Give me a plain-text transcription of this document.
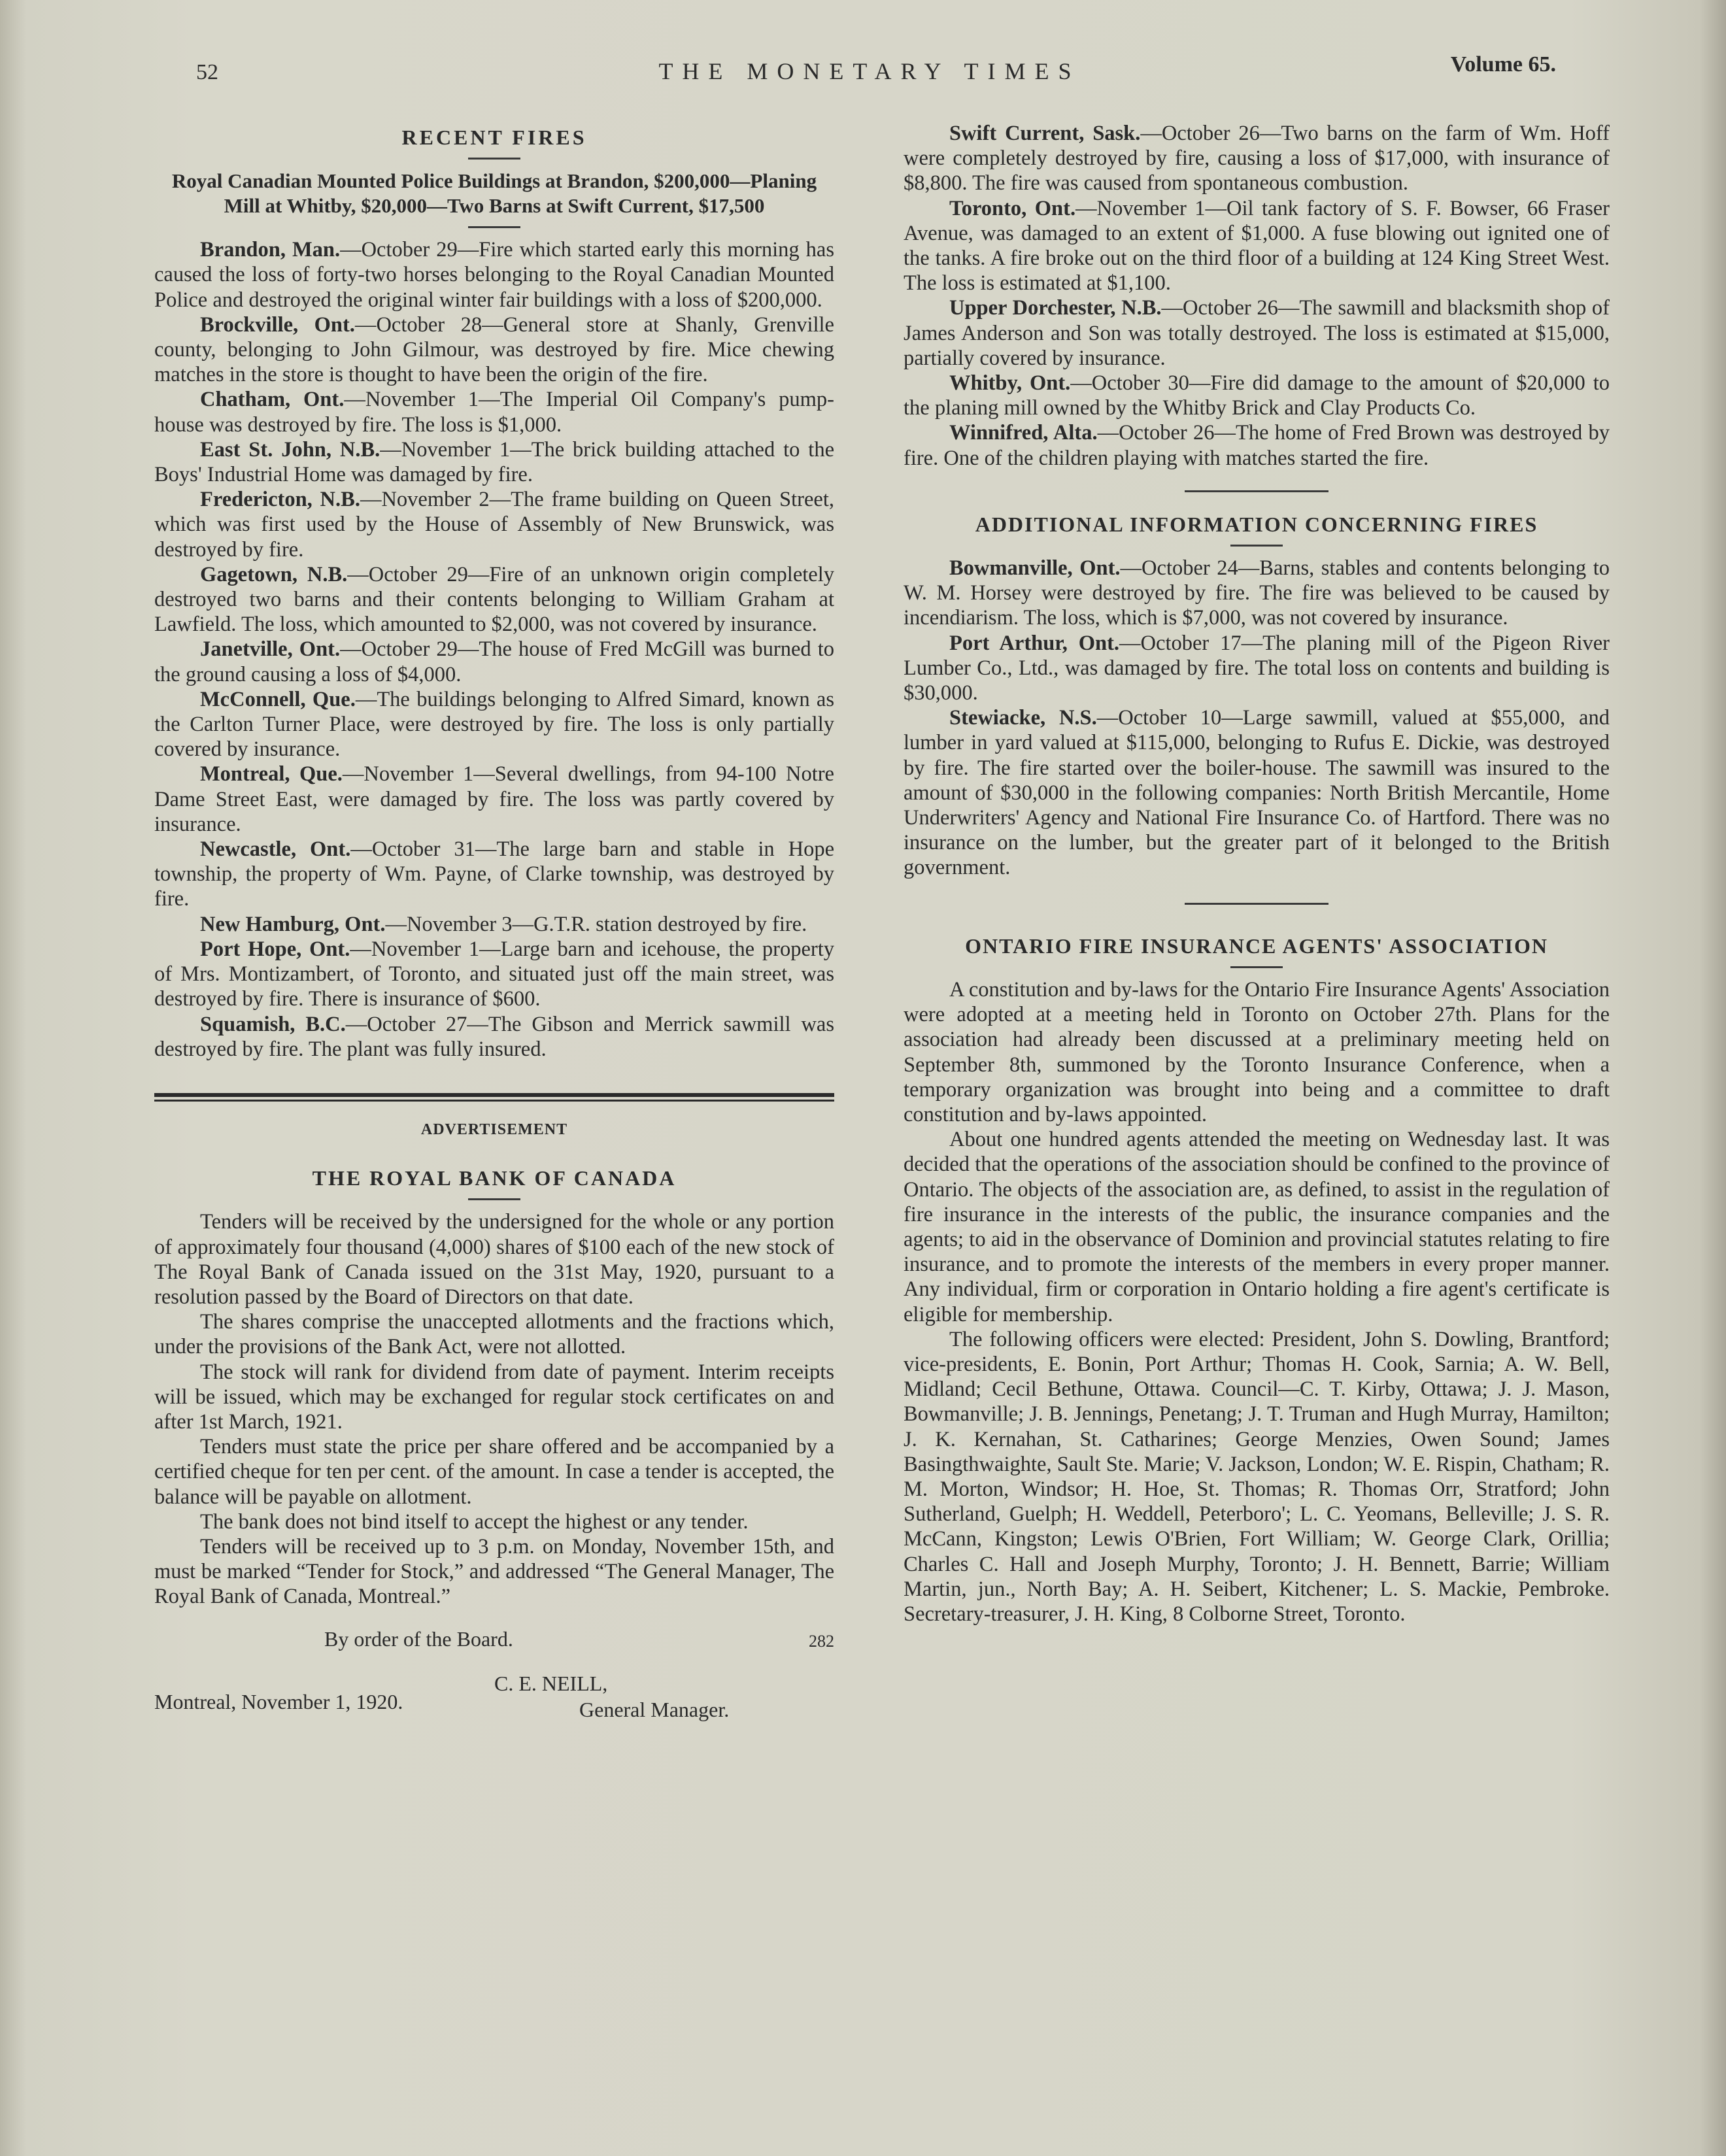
52	THE MONETARY TIMES	Volume 65.
RECENT FIRES
Royal Canadian Mounted Police Buildings at Brandon, $200,000—Planing Mill at Whitby, $20,000—Two Barns at Swift Current, $17,500

Brandon, Man.—October 29—Fire which started early this morning has caused the loss of forty-two horses belonging to the Royal Canadian Mounted Police and destroyed the original winter fair buildings with a loss of $200,000.

Brockville, Ont.—October 28—General store at Shanly, Grenville county, belonging to John Gilmour, was destroyed by fire. Mice chewing matches in the store is thought to have been the origin of the fire.

Chatham, Ont.—November 1—The Imperial Oil Company's pump-house was destroyed by fire. The loss is $1,000.

East St. John, N.B.—November 1—The brick building attached to the Boys' Industrial Home was damaged by fire.

Fredericton, N.B.—November 2—The frame building on Queen Street, which was first used by the House of Assembly of New Brunswick, was destroyed by fire.

Gagetown, N.B.—October 29—Fire of an unknown origin completely destroyed two barns and their contents belonging to William Graham at Lawfield. The loss, which amounted to $2,000, was not covered by insurance.

Janetville, Ont.—October 29—The house of Fred McGill was burned to the ground causing a loss of $4,000.

McConnell, Que.—The buildings belonging to Alfred Simard, known as the Carlton Turner Place, were destroyed by fire. The loss is only partially covered by insurance.

Montreal, Que.—November 1—Several dwellings, from 94-100 Notre Dame Street East, were damaged by fire. The loss was partly covered by insurance.

Newcastle, Ont.—October 31—The large barn and stable in Hope township, the property of Wm. Payne, of Clarke township, was destroyed by fire.

New Hamburg, Ont.—November 3—G.T.R. station destroyed by fire.

Port Hope, Ont.—November 1—Large barn and icehouse, the property of Mrs. Montizambert, of Toronto, and situated just off the main street, was destroyed by fire. There is insurance of $600.

Squamish, B.C.—October 27—The Gibson and Merrick sawmill was destroyed by fire. The plant was fully insured.

ADVERTISEMENT
THE ROYAL BANK OF CANADA

Tenders will be received by the undersigned for the whole or any portion of approximately four thousand (4,000) shares of $100 each of the new stock of The Royal Bank of Canada issued on the 31st May, 1920, pursuant to a resolution passed by the Board of Directors on that date.

The shares comprise the unaccepted allotments and the fractions which, under the provisions of the Bank Act, were not allotted.

The stock will rank for dividend from date of payment. Interim receipts will be issued, which may be exchanged for regular stock certificates on and after 1st March, 1921.

Tenders must state the price per share offered and be accompanied by a certified cheque for ten per cent. of the amount. In case a tender is accepted, the balance will be payable on allotment.

The bank does not bind itself to accept the highest or any tender.

Tenders will be received up to 3 p.m. on Monday, November 15th, and must be marked “Tender for Stock,” and addressed “The General Manager, The Royal Bank of Canada, Montreal.”

By order of the Board.	282
Montreal, November 1, 1920.
C. E. NEILL,
General Manager.

Swift Current, Sask.—October 26—Two barns on the farm of Wm. Hoff were completely destroyed by fire, causing a loss of $17,000, with insurance of $8,800. The fire was caused from spontaneous combustion.

Toronto, Ont.—November 1—Oil tank factory of S. F. Bowser, 66 Fraser Avenue, was damaged to an extent of $1,000. A fuse blowing out ignited one of the tanks. A fire broke out on the third floor of a building at 124 King Street West. The loss is estimated at $1,100.

Upper Dorchester, N.B.—October 26—The sawmill and blacksmith shop of James Anderson and Son was totally destroyed. The loss is estimated at $15,000, partially covered by insurance.

Whitby, Ont.—October 30—Fire did damage to the amount of $20,000 to the planing mill owned by the Whitby Brick and Clay Products Co.

Winnifred, Alta.—October 26—The home of Fred Brown was destroyed by fire. One of the children playing with matches started the fire.

ADDITIONAL INFORMATION CONCERNING FIRES

Bowmanville, Ont.—October 24—Barns, stables and contents belonging to W. M. Horsey were destroyed by fire. The fire was believed to be caused by incendiarism. The loss, which is $7,000, was not covered by insurance.

Port Arthur, Ont.—October 17—The planing mill of the Pigeon River Lumber Co., Ltd., was damaged by fire. The total loss on contents and building is $30,000.

Stewiacke, N.S.—October 10—Large sawmill, valued at $55,000, and lumber in yard valued at $115,000, belonging to Rufus E. Dickie, was destroyed by fire. The fire started over the boiler-house. The sawmill was insured to the amount of $30,000 in the following companies: North British Mercantile, Home Underwriters' Agency and National Fire Insurance Co. of Hartford. There was no insurance on the lumber, but the greater part of it belonged to the British government.

ONTARIO FIRE INSURANCE AGENTS' ASSOCIATION

A constitution and by-laws for the Ontario Fire Insurance Agents' Association were adopted at a meeting held in Toronto on October 27th. Plans for the association had already been discussed at a preliminary meeting held on September 8th, summoned by the Toronto Insurance Conference, when a temporary organization was brought into being and a committee to draft constitution and by-laws appointed.

About one hundred agents attended the meeting on Wednesday last. It was decided that the operations of the association should be confined to the province of Ontario. The objects of the association are, as defined, to assist in the regulation of fire insurance in the interests of the public, the insurance companies and the agents; to aid in the observance of Dominion and provincial statutes relating to fire insurance, and to promote the interests of the members in every proper manner. Any individual, firm or corporation in Ontario holding a fire agent's certificate is eligible for membership.

The following officers were elected: President, John S. Dowling, Brantford; vice-presidents, E. Bonin, Port Arthur; Thomas H. Cook, Sarnia; A. W. Bell, Midland; Cecil Bethune, Ottawa. Council—C. T. Kirby, Ottawa; J. J. Mason, Bowmanville; J. B. Jennings, Penetang; J. T. Truman and Hugh Murray, Hamilton; J. K. Kernahan, St. Catharines; George Menzies, Owen Sound; James Basingthwaighte, Sault Ste. Marie; V. Jackson, London; W. E. Rispin, Chatham; R. M. Morton, Windsor; H. Hoe, St. Thomas; R. Thomas Orr, Stratford; John Sutherland, Guelph; H. Weddell, Peterboro'; L. C. Yeomans, Belleville; J. S. R. McCann, Kingston; Lewis O'Brien, Fort William; W. George Clark, Orillia; Charles C. Hall and Joseph Murphy, Toronto; J. H. Bennett, Barrie; William Martin, jun., North Bay; A. H. Seibert, Kitchener; L. S. Mackie, Pembroke. Secretary-treasurer, J. H. King, 8 Colborne Street, Toronto.
